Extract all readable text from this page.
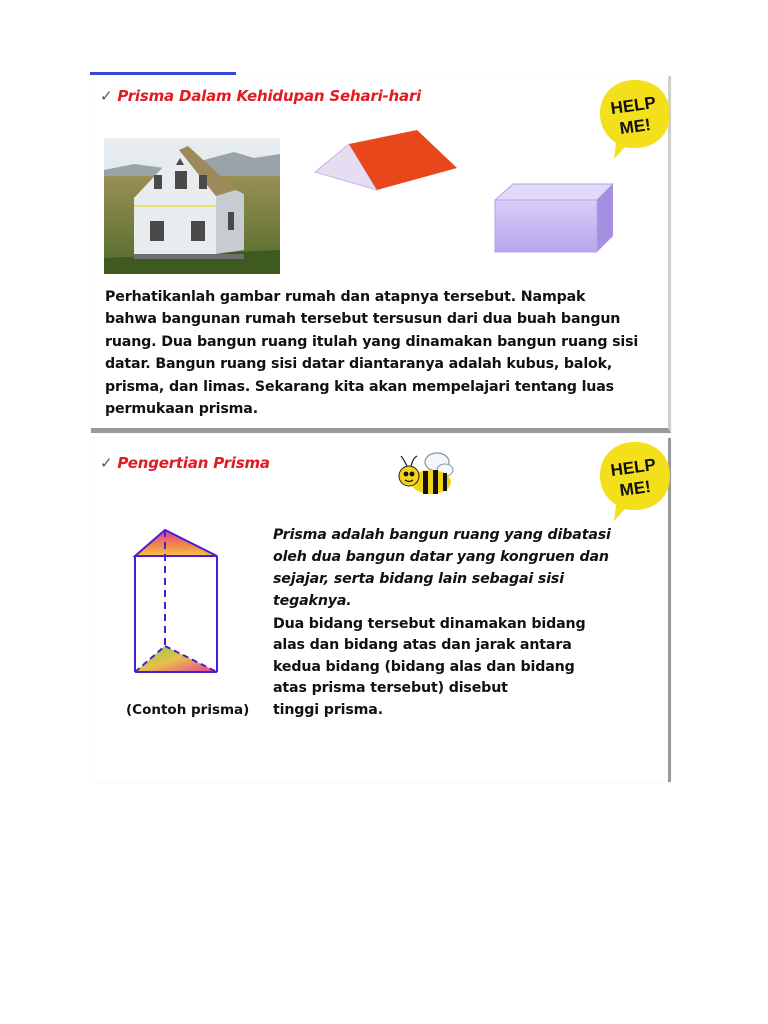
✓ Prisma Dalam Kehidupan Sehari-hari	HELP
ME!
Perhatikanlah gambar rumah dan atapnya tersebut. Nampak
bahwa bangunan rumah tersebut tersusun dari dua buah bangun
ruang. Dua bangun ruang itulah yang dinamakan bangun ruang sisi
datar. Bangun ruang sisi datar diantaranya adalah kubus, balok,
prisma, dan limas. Sekarang kita akan mempelajari tentang luas
permukaan prisma.
✓ Pengertian Prisma	HELP
ME!
(Contoh prisma)
Prisma adalah bangun ruang yang dibatasi
oleh dua bangun datar yang kongruen dan
sejajar, serta bidang lain sebagai sisi
tegaknya.
Dua bidang tersebut dinamakan bidang
alas dan bidang atas dan jarak antara
kedua bidang (bidang alas dan bidang
atas prisma tersebut) disebut
tinggi prisma.
